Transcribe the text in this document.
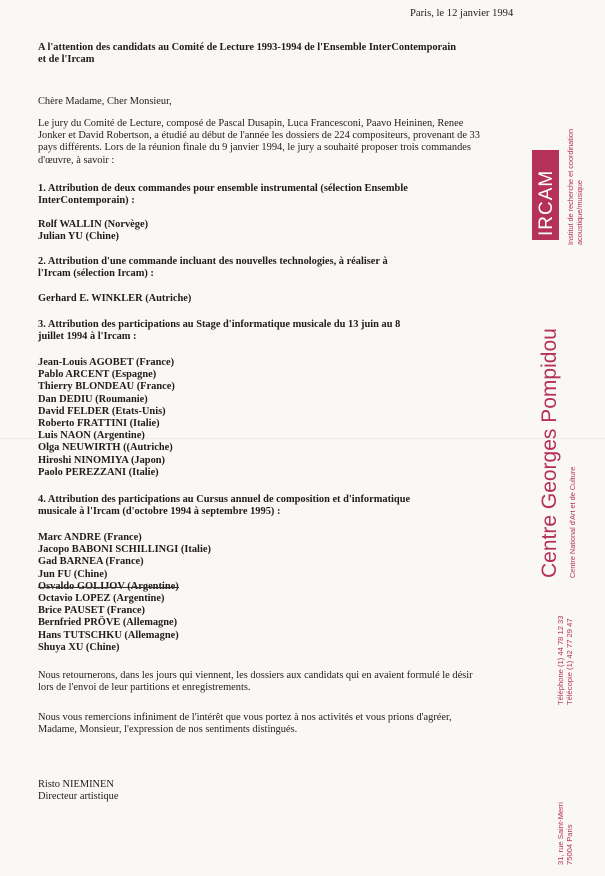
Paris, le 12 janvier 1994
A l'attention des candidats au Comité de Lecture 1993-1994 de l'Ensemble InterContemporain
et de l'Ircam
Chère Madame, Cher Monsieur,
Le jury du Comité de Lecture, composé de Pascal Dusapin, Luca Francesconi, Paavo Heininen, Renee
Jonker et David Robertson, a étudié au début de l'année les dossiers de 224 compositeurs, provenant de 33
pays différents. Lors de la réunion finale du 9 janvier 1994, le jury a souhaité proposer trois commandes
d'œuvre, à savoir :
1. Attribution de deux commandes pour ensemble instrumental (sélection Ensemble
InterContemporain) :
Rolf WALLIN (Norvège)
Julian YU (Chine)
2. Attribution d'une commande incluant des nouvelles technologies, à réaliser à
l'Ircam (sélection Ircam) :
Gerhard E. WINKLER (Autriche)
3. Attribution des participations au Stage d'informatique musicale du 13 juin au 8
juillet 1994 à l'Ircam :
Jean-Louis AGOBET (France)
Pablo ARCENT (Espagne)
Thierry BLONDEAU (France)
Dan DEDIU (Roumanie)
David FELDER (Etats-Unis)
Roberto FRATTINI (Italie)
Luis NAON (Argentine)
Olga NEUWIRTH ((Autriche)
Hiroshi NINOMIYA (Japon)
Paolo PEREZZANI (Italie)
4. Attribution des participations au Cursus annuel de composition et d'informatique
musicale à l'Ircam (d'octobre 1994 à septembre 1995) :
Marc ANDRE (France)
Jacopo BABONI SCHILLINGI (Italie)
Gad BARNEA (France)
Jun FU (Chine)
Osvaldo GOLIJOV (Argentine)
Octavio LOPEZ (Argentine)
Brice PAUSET (France)
Bernfried PRÖVE (Allemagne)
Hans TUTSCHKU (Allemagne)
Shuya XU (Chine)
Nous retournerons, dans les jours qui viennent, les dossiers aux candidats qui en avaient formulé le désir
lors de l'envoi de leur partitions et enregistrements.
Nous vous remercions infiniment de l'intérêt que vous portez à nos activités et vous prions d'agréer,
Madame, Monsieur, l'expression de nos sentiments distingués.
Risto NIEMINEN
Directeur artistique
IRCAM Institut de recherche et coordination acoustique/musique
Centre Georges Pompidou Centre National d'Art et de Culture
Téléphone (1) 44 78 12 33 Télécopie (1) 42 77 29 47
31, rue Saint-Merri 75004 Paris
